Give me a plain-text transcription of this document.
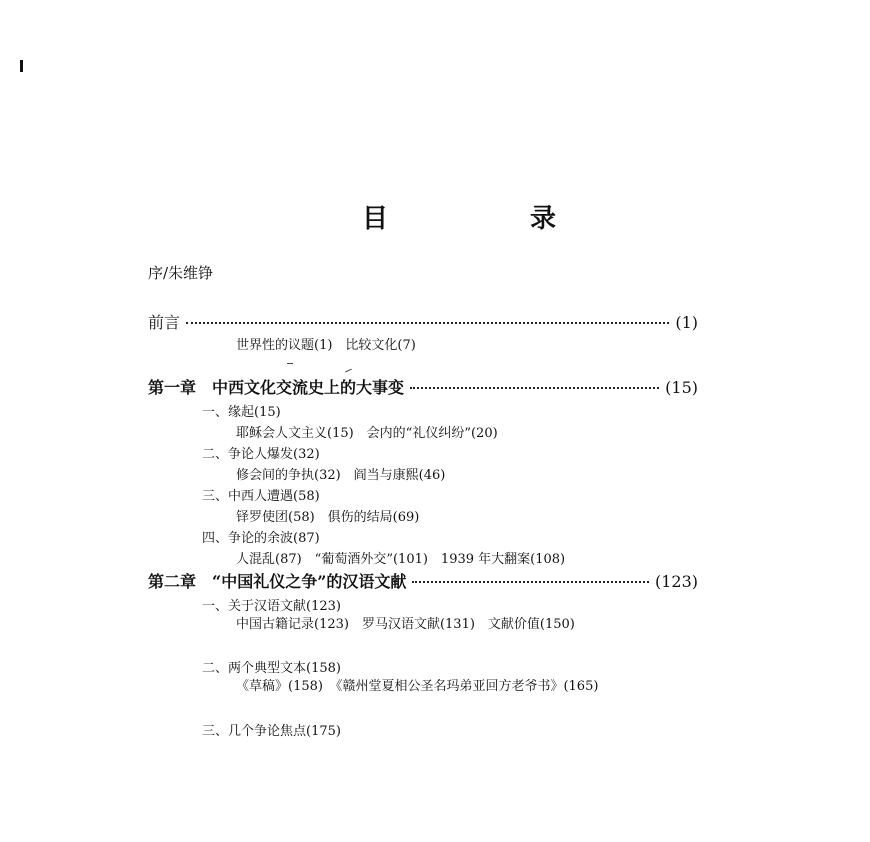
目　录
序/朱维铮
前言	(1)
世界性的议题(1)　比较文化(7)
第一章　中西文化交流史上的大事变	(15)
一、缘起(15)
耶稣会人文主义(15)　会内的“礼仪纠纷”(20)
二、争论人爆发(32)
修会间的争执(32)　阎当与康熙(46)
三、中西人遭遇(58)
铎罗使团(58)　俱伤的结局(69)
四、争论的余波(87)
人混乱(87)　“葡萄酒外交”(101)　1939 年大翻案(108)
第二章　“中国礼仪之争”的汉语文献	(123)
一、关于汉语文献(123)
中国古籍记录(123)　罗马汉语文献(131)　文献价值(150)
二、两个典型文本(158)
《草稿》(158)　《赣州堂夏相公圣名玛弟亚回方老爷书》(165)
三、几个争论焦点(175)
